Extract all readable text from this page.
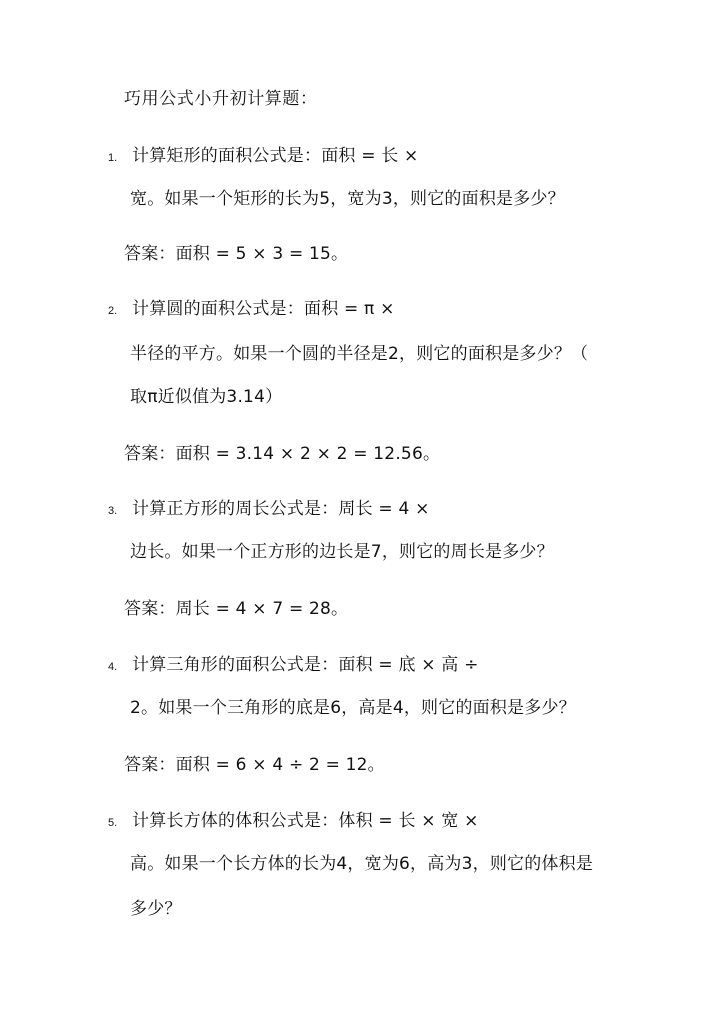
巧用公式小升初计算题：
1. 计算矩形的面积公式是：面积 = 长 ×
宽。如果一个矩形的长为5，宽为3，则它的面积是多少？
答案：面积 = 5 × 3 = 15。
2. 计算圆的面积公式是：面积 = π ×
半径的平方。如果一个圆的半径是2，则它的面积是多少？（
取π近似值为3.14）
答案：面积 = 3.14 × 2 × 2 = 12.56。
3. 计算正方形的周长公式是：周长 = 4 ×
边长。如果一个正方形的边长是7，则它的周长是多少？
答案：周长 = 4 × 7 = 28。
4. 计算三角形的面积公式是：面积 = 底 × 高 ÷
2。如果一个三角形的底是6，高是4，则它的面积是多少？
答案：面积 = 6 × 4 ÷ 2 = 12。
5. 计算长方体的体积公式是：体积 = 长 × 宽 ×
高。如果一个长方体的长为4，宽为6，高为3，则它的体积是
多少？
